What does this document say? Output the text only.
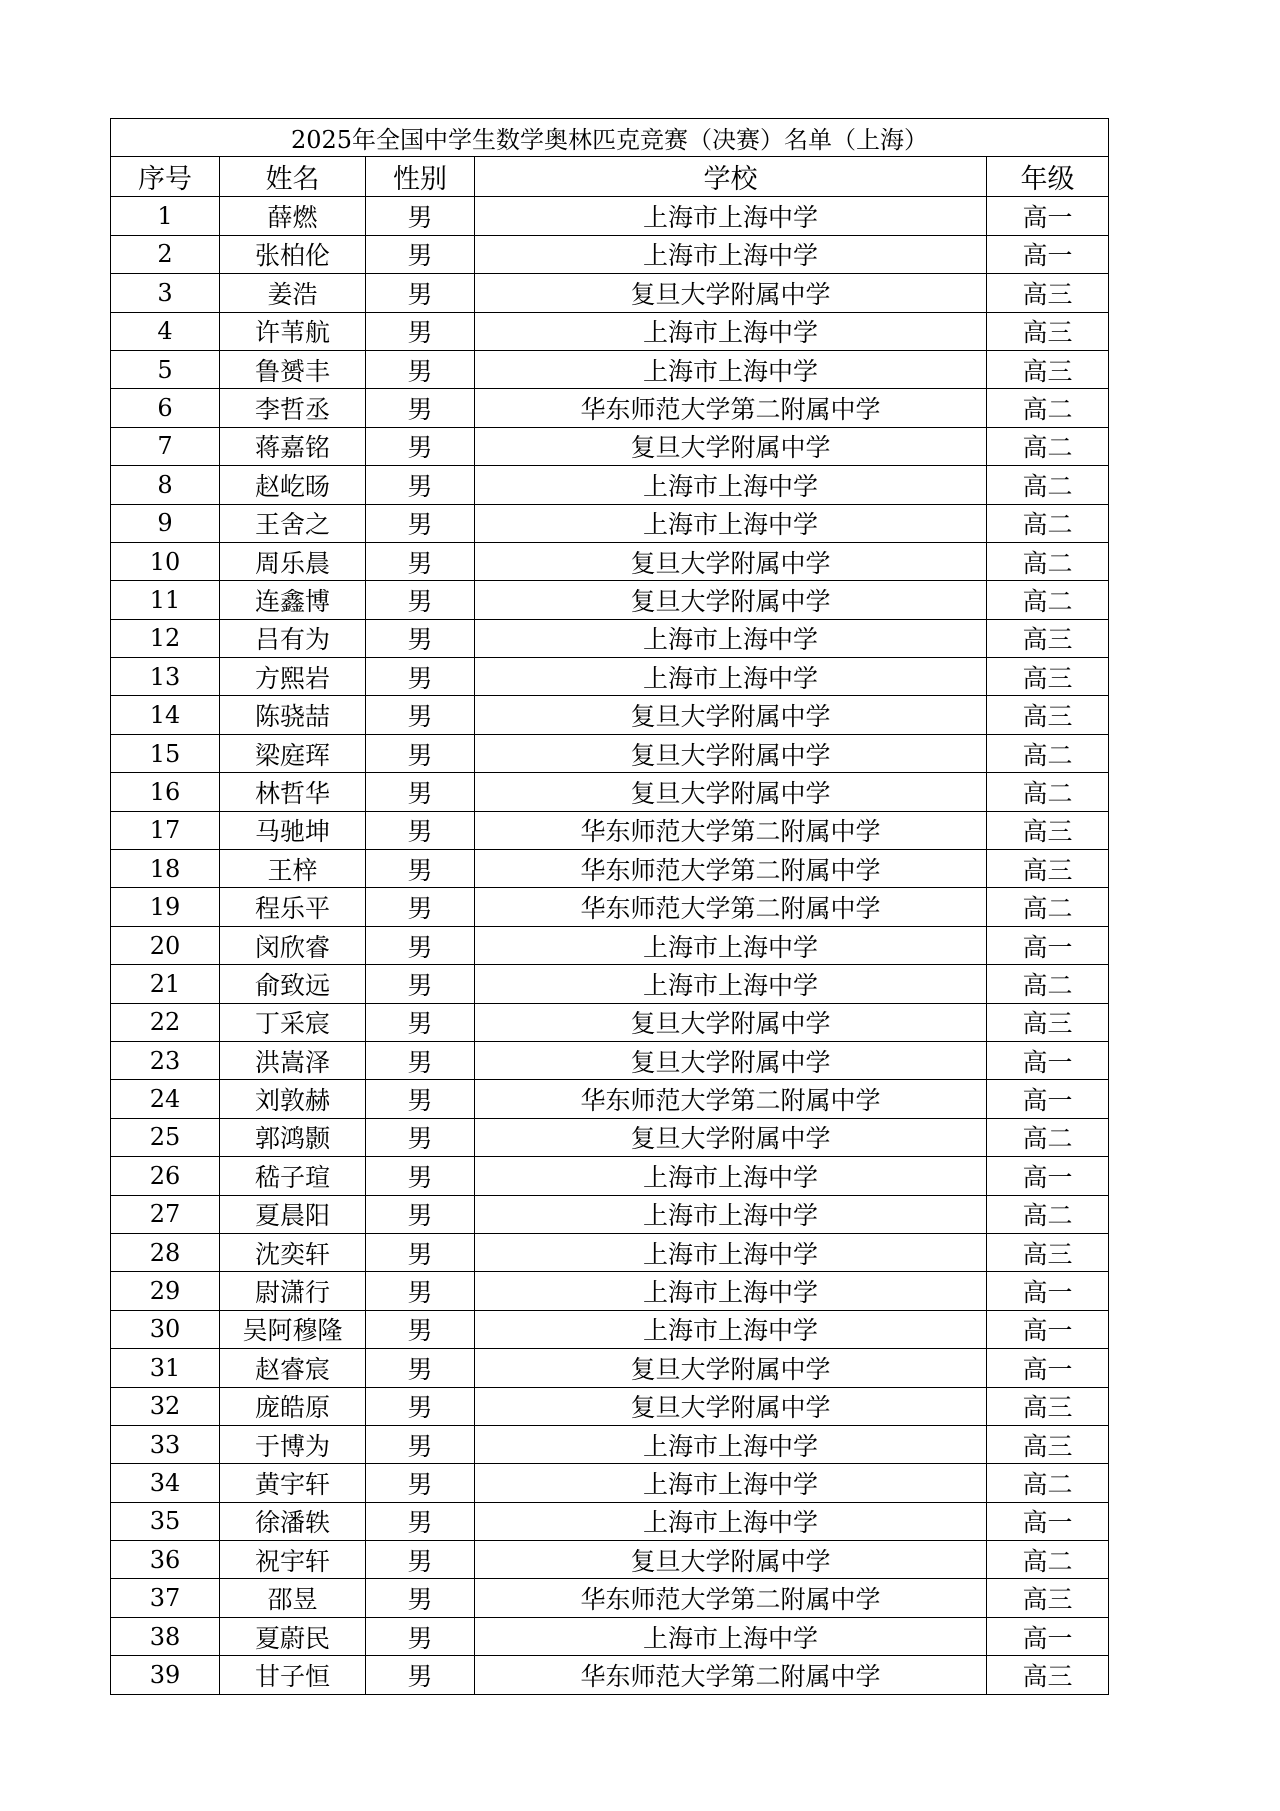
2025年全国中学生数学奥林匹克竞赛（决赛）名单（上海）				
序号	姓名	性别	学校	年级
1	薛燃	男	上海市上海中学	高一
2	张柏伦	男	上海市上海中学	高一
3	姜浩	男	复旦大学附属中学	高三
4	许苇航	男	上海市上海中学	高三
5	鲁赟丰	男	上海市上海中学	高三
6	李哲丞	男	华东师范大学第二附属中学	高二
7	蒋嘉铭	男	复旦大学附属中学	高二
8	赵屹旸	男	上海市上海中学	高二
9	王舍之	男	上海市上海中学	高二
10	周乐晨	男	复旦大学附属中学	高二
11	连鑫博	男	复旦大学附属中学	高二
12	吕有为	男	上海市上海中学	高三
13	方熙岩	男	上海市上海中学	高三
14	陈骁喆	男	复旦大学附属中学	高三
15	梁庭珲	男	复旦大学附属中学	高二
16	林哲华	男	复旦大学附属中学	高二
17	马驰坤	男	华东师范大学第二附属中学	高三
18	王梓	男	华东师范大学第二附属中学	高三
19	程乐平	男	华东师范大学第二附属中学	高二
20	闵欣睿	男	上海市上海中学	高一
21	俞致远	男	上海市上海中学	高二
22	丁采宸	男	复旦大学附属中学	高三
23	洪嵩泽	男	复旦大学附属中学	高一
24	刘敦赫	男	华东师范大学第二附属中学	高一
25	郭鸿颢	男	复旦大学附属中学	高二
26	嵇子瑄	男	上海市上海中学	高一
27	夏晨阳	男	上海市上海中学	高二
28	沈奕轩	男	上海市上海中学	高三
29	尉潇行	男	上海市上海中学	高一
30	吴阿穆隆	男	上海市上海中学	高一
31	赵睿宸	男	复旦大学附属中学	高一
32	庞皓原	男	复旦大学附属中学	高三
33	于博为	男	上海市上海中学	高三
34	黄宇轩	男	上海市上海中学	高二
35	徐潘轶	男	上海市上海中学	高一
36	祝宇轩	男	复旦大学附属中学	高二
37	邵昱	男	华东师范大学第二附属中学	高三
38	夏蔚民	男	上海市上海中学	高一
39	甘子恒	男	华东师范大学第二附属中学	高三
